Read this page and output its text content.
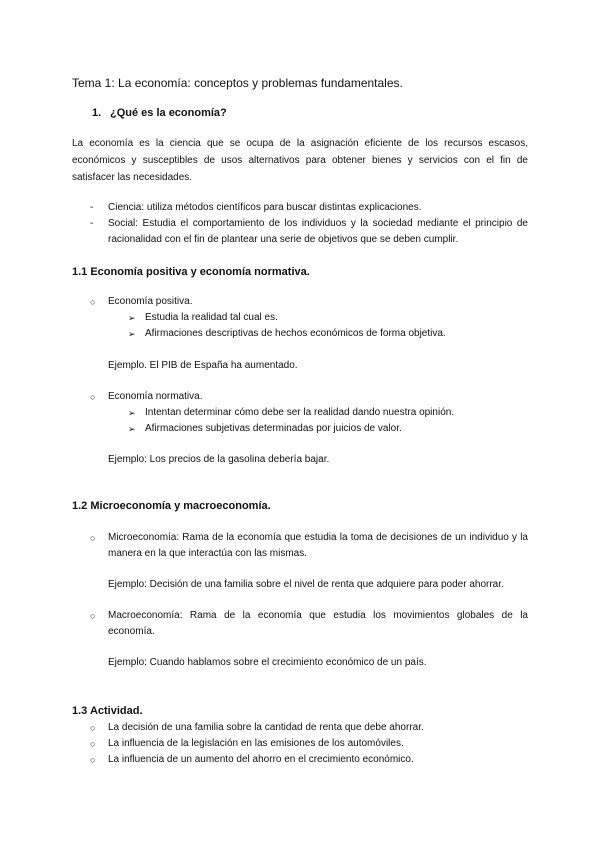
Tema 1: La economía: conceptos y problemas fundamentales.
1. ¿Qué es la economía?
La economía es la ciencia que se ocupa de la asignación eficiente de los recursos escasos,
económicos y susceptibles de usos alternativos para obtener bienes y servicios con el fin de
satisfacer las necesidades.
- Ciencia: utiliza métodos científicos para buscar distintas explicaciones.
- Social: Estudia el comportamiento de los individuos y la sociedad mediante el principio de
racionalidad con el fin de plantear una serie de objetivos que se deben cumplir.
1.1 Economía positiva y economía normativa.
○ Economía positiva.
➢ Estudia la realidad tal cual es.
➢ Afirmaciones descriptivas de hechos económicos de forma objetiva.
Ejemplo. El PIB de España ha aumentado.
○ Economía normativa.
➢ Intentan determinar cómo debe ser la realidad dando nuestra opinión.
➢ Afirmaciones subjetivas determinadas por juicios de valor.
Ejemplo: Los precios de la gasolina debería bajar.
1.2 Microeconomía y macroeconomía.
○ Microeconomía: Rama de la economía que estudia la toma de decisiones de un individuo y la
manera en la que interactúa con las mismas.
Ejemplo: Decisión de una familia sobre el nivel de renta que adquiere para poder ahorrar.
○ Macroeconomía: Rama de la economía que estudia los movimientos globales de la
economía.
Ejemplo: Cuando hablamos sobre el crecimiento económico de un país.
1.3 Actividad.
○ La decisión de una familia sobre la cantidad de renta que debe ahorrar.
○ La influencia de la legislación en las emisiones de los automóviles.
○ La influencia de un aumento del ahorro en el crecimiento económico.
